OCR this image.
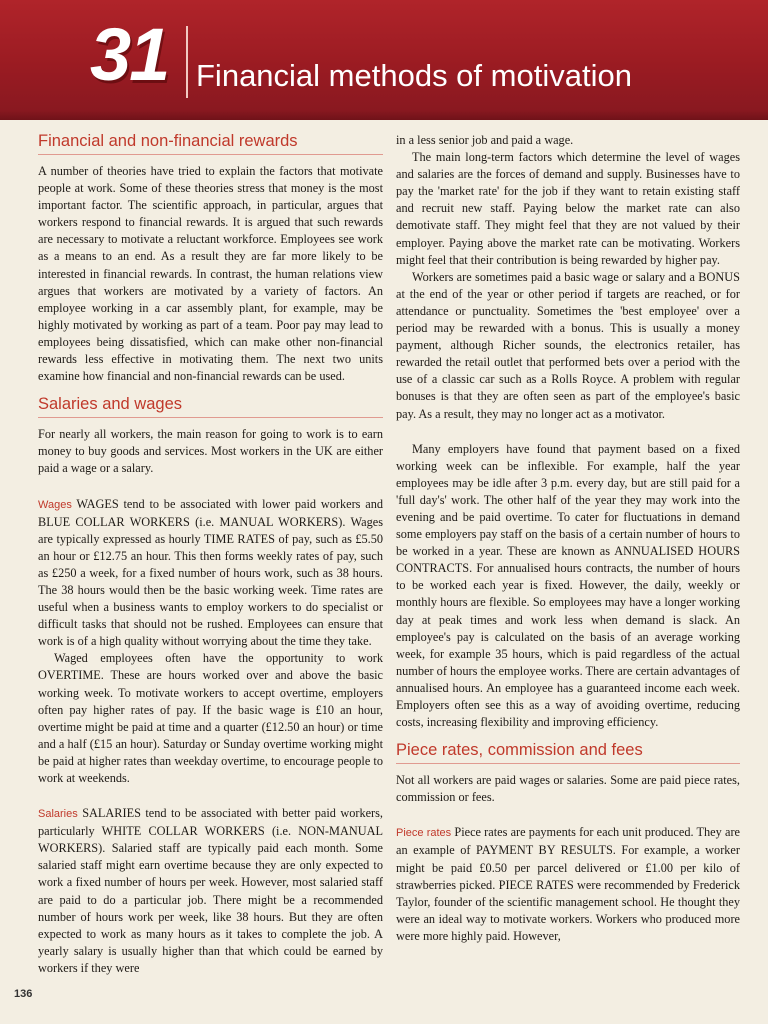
31 Financial methods of motivation
Financial and non-financial rewards

A number of theories have tried to explain the factors that motivate people at work. Some of these theories stress that money is the most important factor. The scientific approach, in particular, argues that workers respond to financial rewards. It is argued that such rewards are necessary to motivate a reluctant workforce. Employees see work as a means to an end. As a result they are far more likely to be interested in financial rewards. In contrast, the human relations view argues that workers are motivated by a variety of factors. An employee working in a car assembly plant, for example, may be highly motivated by working as part of a team. Poor pay may lead to employees being dissatisfied, which can make other non-financial rewards less effective in motivating them. The next two units examine how financial and non-financial rewards can be used.

Salaries and wages

For nearly all workers, the main reason for going to work is to earn money to buy goods and services. Most workers in the UK are either paid a wage or a salary.

Wages WAGES tend to be associated with lower paid workers and BLUE COLLAR WORKERS (i.e. MANUAL WORKERS). Wages are typically expressed as hourly TIME RATES of pay, such as £5.50 an hour or £12.75 an hour. This then forms weekly rates of pay, such as £250 a week, for a fixed number of hours work, such as 38 hours. The 38 hours would then be the basic working week. Time rates are useful when a business wants to employ workers to do specialist or difficult tasks that should not be rushed. Employees can ensure that work is of a high quality without worrying about the time they take.

Waged employees often have the opportunity to work OVERTIME. These are hours worked over and above the basic working week. To motivate workers to accept overtime, employers often pay higher rates of pay. If the basic wage is £10 an hour, overtime might be paid at time and a quarter (£12.50 an hour) or time and a half (£15 an hour). Saturday or Sunday overtime working might be paid at higher rates than weekday overtime, to encourage people to work at weekends.

Salaries SALARIES tend to be associated with better paid workers, particularly WHITE COLLAR WORKERS (i.e. NON-MANUAL WORKERS). Salaried staff are typically paid each month. Some salaried staff might earn overtime because they are only expected to work a fixed number of hours per week. However, most salaried staff are paid to do a particular job. There might be a recommended number of hours work per week, like 38 hours. But they are often expected to work as many hours as it takes to complete the job. A yearly salary is usually higher than that which could be earned by workers if they were

in a less senior job and paid a wage.

The main long-term factors which determine the level of wages and salaries are the forces of demand and supply. Businesses have to pay the 'market rate' for the job if they want to retain existing staff and recruit new staff. Paying below the market rate can also demotivate staff. They might feel that they are not valued by their employer. Paying above the market rate can be motivating. Workers might feel that their contribution is being rewarded by higher pay.

Workers are sometimes paid a basic wage or salary and a BONUS at the end of the year or other period if targets are reached, or for attendance or punctuality. Sometimes the 'best employee' over a period may be rewarded with a bonus. This is usually a money payment, although Richer sounds, the electronics retailer, has rewarded the retail outlet that performed bets over a period with the use of a classic car such as a Rolls Royce. A problem with regular bonuses is that they are often seen as part of the employee's basic pay. As a result, they may no longer act as a motivator.

Many employers have found that payment based on a fixed working week can be inflexible. For example, half the year employees may be idle after 3 p.m. every day, but are still paid for a 'full day's' work. The other half of the year they may work into the evening and be paid overtime. To cater for fluctuations in demand some employers pay staff on the basis of a certain number of hours to be worked in a year. These are known as ANNUALISED HOURS CONTRACTS. For annualised hours contracts, the number of hours to be worked each year is fixed. However, the daily, weekly or monthly hours are flexible. So employees may have a longer working day at peak times and work less when demand is slack. An employee's pay is calculated on the basis of an average working week, for example 35 hours, which is paid regardless of the actual number of hours the employee works. There are certain advantages of annualised hours. An employee has a guaranteed income each week. Employers often see this as a way of avoiding overtime, reducing costs, increasing flexibility and improving efficiency.

Piece rates, commission and fees

Not all workers are paid wages or salaries. Some are paid piece rates, commission or fees.

Piece rates Piece rates are payments for each unit produced. They are an example of PAYMENT BY RESULTS. For example, a worker might be paid £0.50 per parcel delivered or £1.00 per kilo of strawberries picked. PIECE RATES were recommended by Frederick Taylor, founder of the scientific management school. He thought they were an ideal way to motivate workers. Workers who produced more were more highly paid. However,

136
